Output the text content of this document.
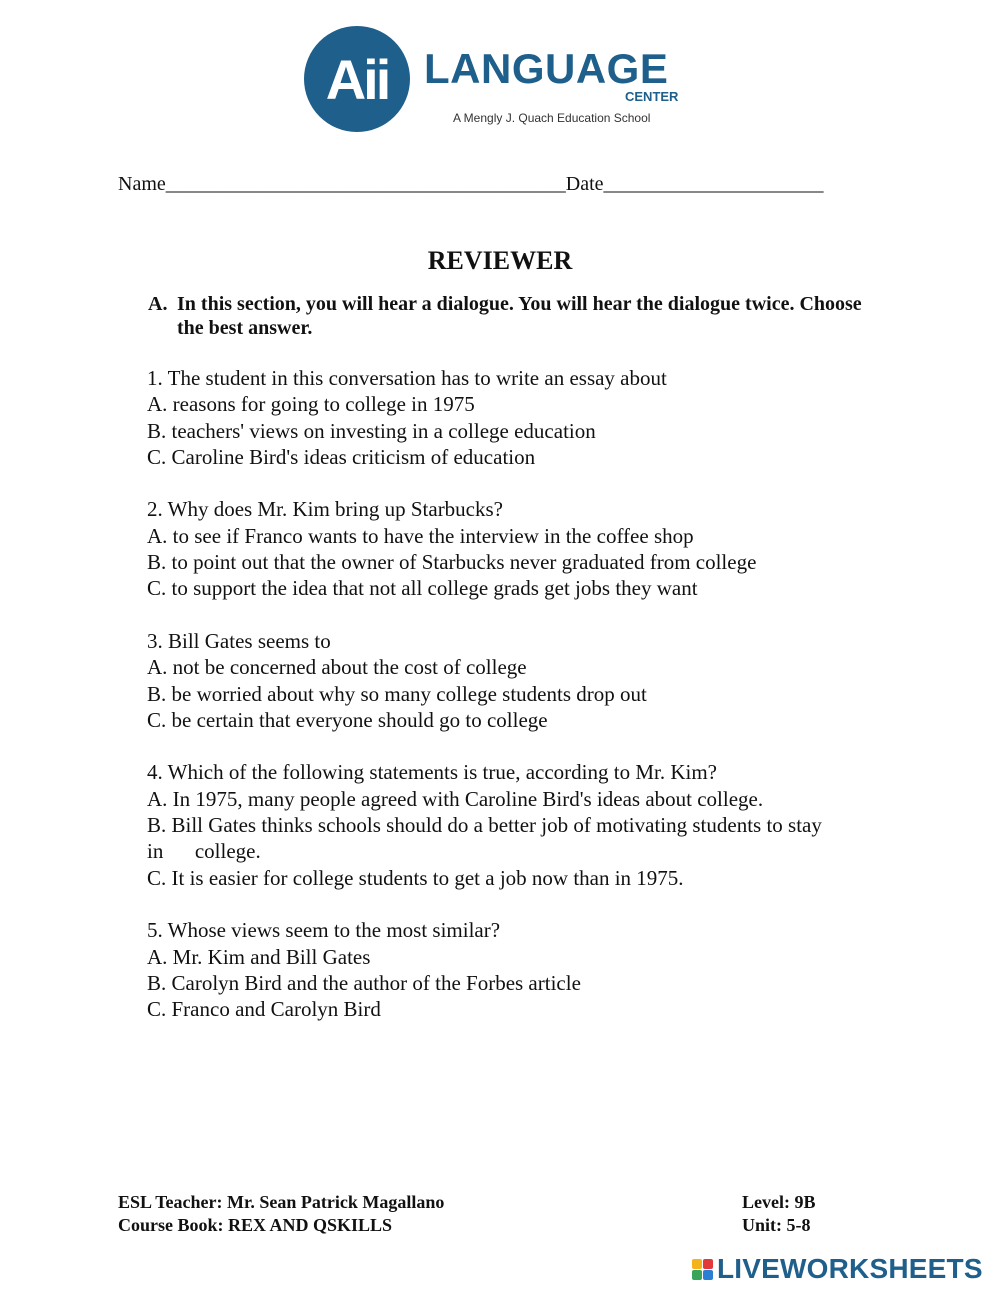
Aii LANGUAGE
CENTER
A Mengly J. Quach Education School
Name________________________________________Date______________________
REVIEWER
A. In this section, you will hear a dialogue. You will hear the dialogue twice. Choose the best answer.
1. The student in this conversation has to write an essay about
A. reasons for going to college in 1975
B. teachers' views on investing in a college education
C. Caroline Bird's ideas criticism of education
2. Why does Mr. Kim bring up Starbucks?
A. to see if Franco wants to have the interview in the coffee shop
B. to point out that the owner of Starbucks never graduated from college
C. to support the idea that not all college grads get jobs they want
3. Bill Gates seems to
A. not be concerned about the cost of college
B. be worried about why so many college students drop out
C. be certain that everyone should go to college
4. Which of the following statements is true, according to Mr. Kim?
A. In 1975, many people agreed with Caroline Bird's ideas about college.
B. Bill Gates thinks schools should do a better job of motivating students to stay
in      college.
C. It is easier for college students to get a job now than in 1975.
5. Whose views seem to the most similar?
A. Mr. Kim and Bill Gates
B. Carolyn Bird and the author of the Forbes article
C. Franco and Carolyn Bird
ESL Teacher: Mr. Sean Patrick Magallano
Course Book: REX AND QSKILLS
Level: 9B
Unit: 5-8
LIVEWORKSHEETS
